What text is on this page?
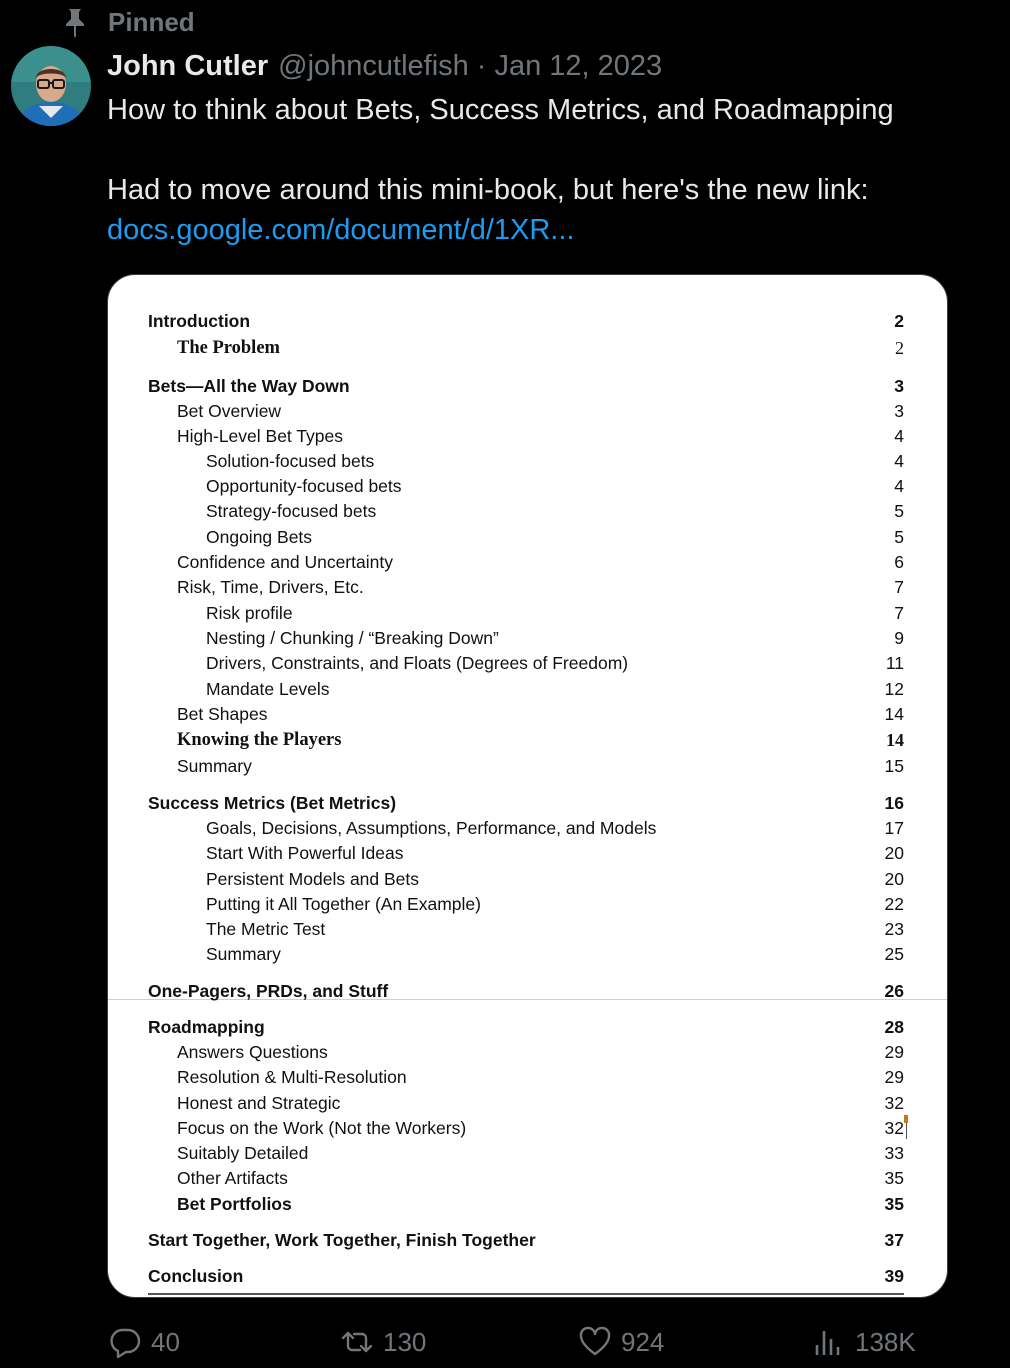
Pinned
John Cutler @johncutlefish · Jan 12, 2023
How to think about Bets, Success Metrics, and Roadmapping
Had to move around this mini-book, but here's the new link:
docs.google.com/document/d/1XR...
Introduction	2
The Problem	2
Bets—All the Way Down	3
Bet Overview	3
High-Level Bet Types	4
Solution-focused bets	4
Opportunity-focused bets	4
Strategy-focused bets	5
Ongoing Bets	5
Confidence and Uncertainty	6
Risk, Time, Drivers, Etc.	7
Risk profile	7
Nesting / Chunking / “Breaking Down”	9
Drivers, Constraints, and Floats (Degrees of Freedom)	11
Mandate Levels	12
Bet Shapes	14
Knowing the Players	14
Summary	15
Success Metrics (Bet Metrics)	16
Goals, Decisions, Assumptions, Performance, and Models	17
Start With Powerful Ideas	20
Persistent Models and Bets	20
Putting it All Together (An Example)	22
The Metric Test	23
Summary	25
One-Pagers, PRDs, and Stuff	26
Roadmapping	28
Answers Questions	29
Resolution & Multi-Resolution	29
Honest and Strategic	32
Focus on the Work (Not the Workers)	32
Suitably Detailed	33
Other Artifacts	35
Bet Portfolios	35
Start Together, Work Together, Finish Together	37
Conclusion	39
40	130	924	138K
